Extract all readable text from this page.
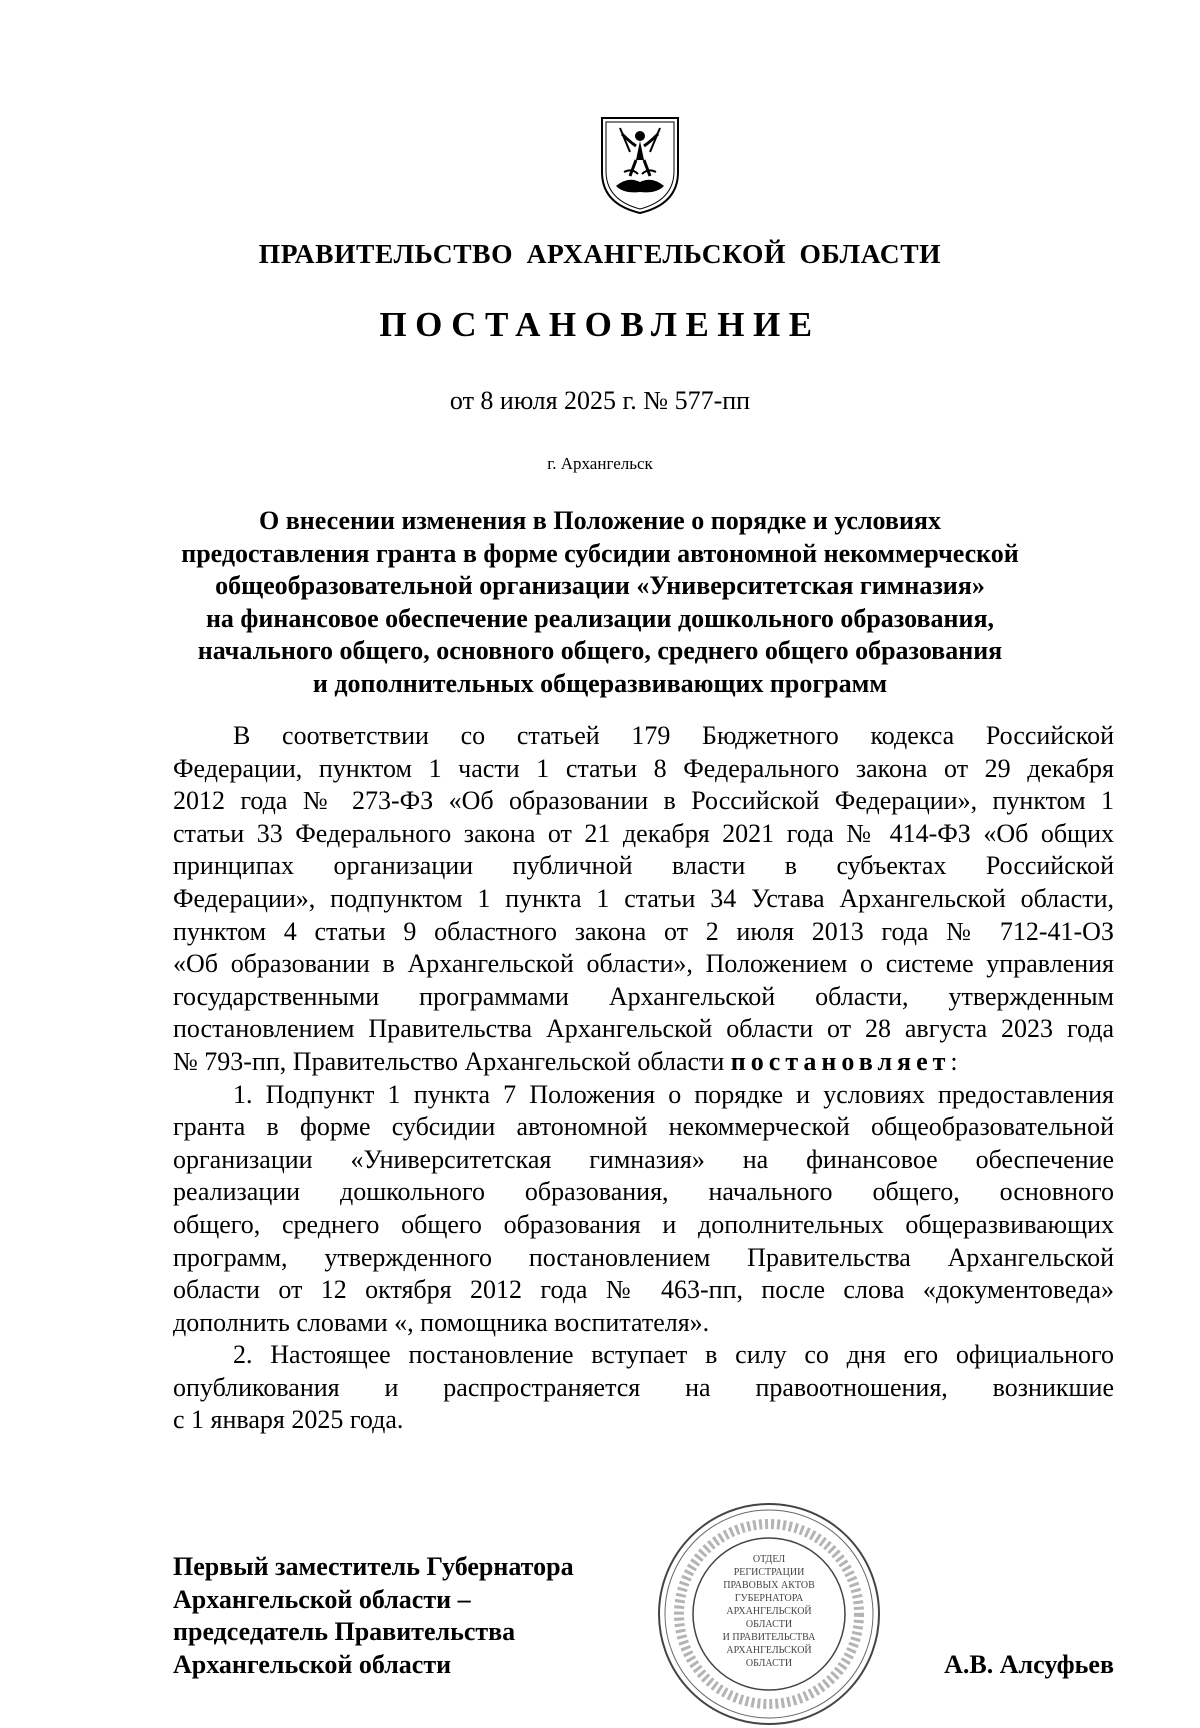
ПРАВИТЕЛЬСТВО АРХАНГЕЛЬСКОЙ ОБЛАСТИ
ПОСТАНОВЛЕНИЕ
от 8 июля 2025 г. № 577-пп
г. Архангельск
О внесении изменения в Положение о порядке и условиях
предоставления гранта в форме субсидии автономной некоммерческой
общеобразовательной организации «Университетская гимназия»
на финансовое обеспечение реализации дошкольного образования,
начального общего, основного общего, среднего общего образования
и дополнительных общеразвивающих программ
В соответствии со статьей 179 Бюджетного кодекса Российской
Федерации, пунктом 1 части 1 статьи 8 Федерального закона от 29 декабря
2012 года № 273-ФЗ «Об образовании в Российской Федерации», пунктом 1
статьи 33 Федерального закона от 21 декабря 2021 года № 414-ФЗ «Об общих
принципах организации публичной власти в субъектах Российской
Федерации», подпунктом 1 пункта 1 статьи 34 Устава Архангельской области,
пунктом 4 статьи 9 областного закона от 2 июля 2013 года № 712-41-ОЗ
«Об образовании в Архангельской области», Положением о системе управления
государственными программами Архангельской области, утвержденным
постановлением Правительства Архангельской области от 28 августа 2023 года
№ 793-пп, Правительство Архангельской области постановляет:
1. Подпункт 1 пункта 7 Положения о порядке и условиях предоставления
гранта в форме субсидии автономной некоммерческой общеобразовательной
организации «Университетская гимназия» на финансовое обеспечение
реализации дошкольного образования, начального общего, основного
общего, среднего общего образования и дополнительных общеразвивающих
программ, утвержденного постановлением Правительства Архангельской
области от 12 октября 2012 года № 463-пп, после слова «документоведа»
дополнить словами «, помощника воспитателя».
2. Настоящее постановление вступает в силу со дня его официального
опубликования и распространяется на правоотношения, возникшие
с 1 января 2025 года.
Первый заместитель Губернатора
Архангельской области –
председатель Правительства
Архангельской области
ОТДЕЛ
РЕГИСТРАЦИИ
ПРАВОВЫХ АКТОВ
ГУБЕРНАТОРА
АРХАНГЕЛЬСКОЙ
ОБЛАСТИ
И ПРАВИТЕЛЬСТВА
АРХАНГЕЛЬСКОЙ
ОБЛАСТИ	А.В. Алсуфьев
